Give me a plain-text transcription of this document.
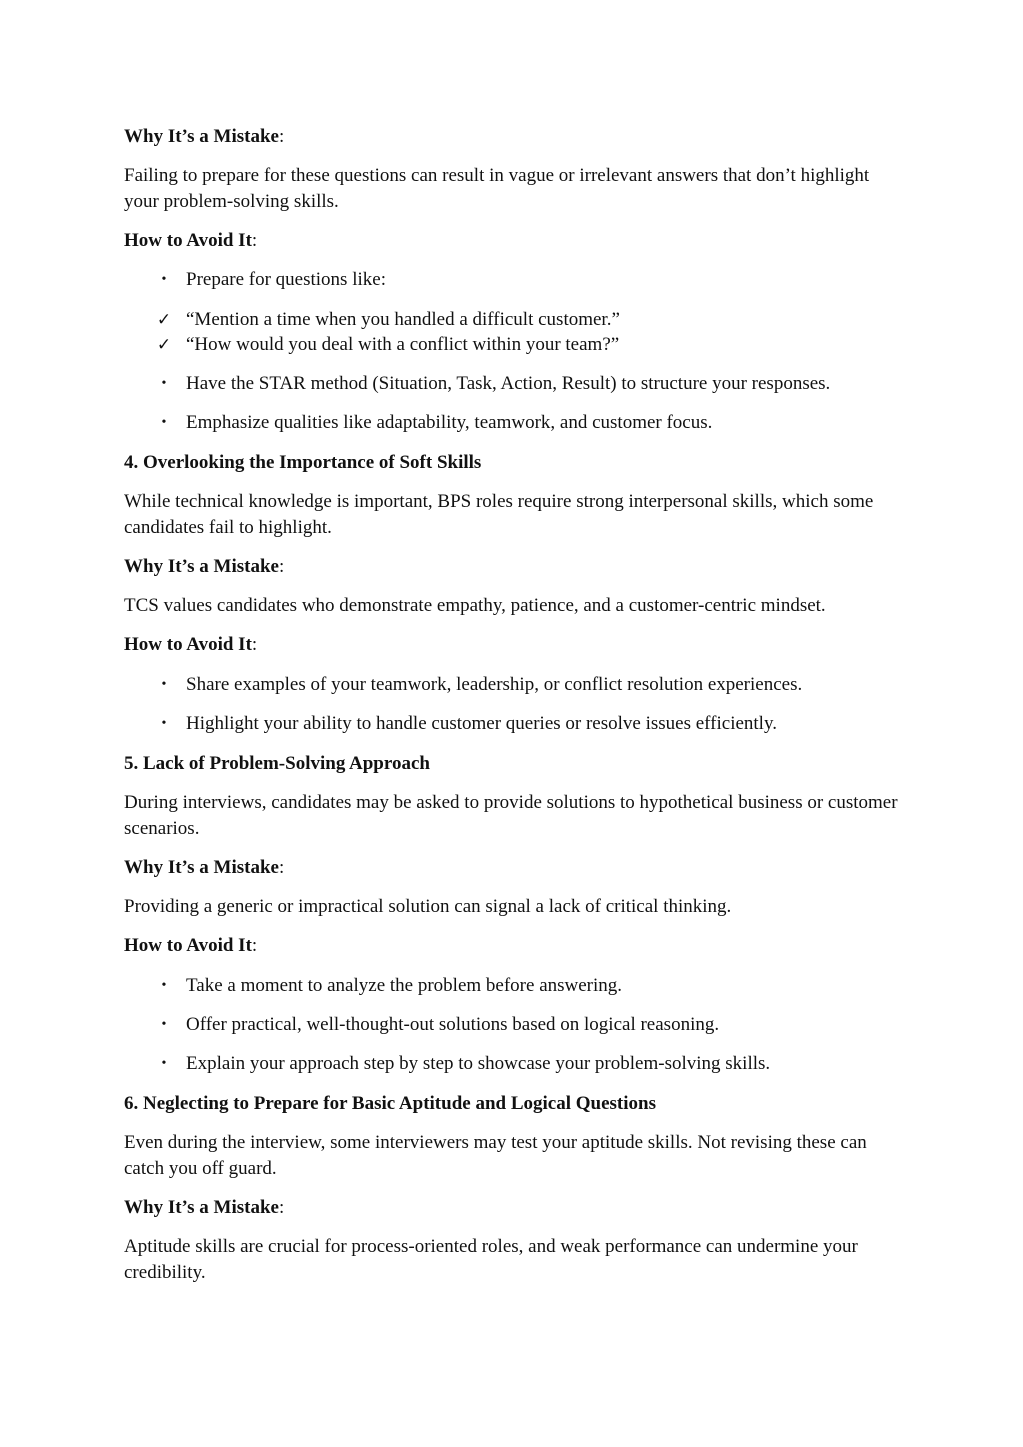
Why It’s a Mistake:

Failing to prepare for these questions can result in vague or irrelevant answers that don’t highlight your problem-solving skills.

How to Avoid It:

•	Prepare for questions like:
✓ “Mention a time when you handled a difficult customer.”
✓ “How would you deal with a conflict within your team?”
•	Have the STAR method (Situation, Task, Action, Result) to structure your responses.
•	Emphasize qualities like adaptability, teamwork, and customer focus.

4. Overlooking the Importance of Soft Skills

While technical knowledge is important, BPS roles require strong interpersonal skills, which some candidates fail to highlight.

Why It’s a Mistake:

TCS values candidates who demonstrate empathy, patience, and a customer-centric mindset.

How to Avoid It:

•	Share examples of your teamwork, leadership, or conflict resolution experiences.
•	Highlight your ability to handle customer queries or resolve issues efficiently.

5. Lack of Problem-Solving Approach

During interviews, candidates may be asked to provide solutions to hypothetical business or customer scenarios.

Why It’s a Mistake:

Providing a generic or impractical solution can signal a lack of critical thinking.

How to Avoid It:

•	Take a moment to analyze the problem before answering.
•	Offer practical, well-thought-out solutions based on logical reasoning.
•	Explain your approach step by step to showcase your problem-solving skills.

6. Neglecting to Prepare for Basic Aptitude and Logical Questions

Even during the interview, some interviewers may test your aptitude skills. Not revising these can catch you off guard.

Why It’s a Mistake:

Aptitude skills are crucial for process-oriented roles, and weak performance can undermine your credibility.
